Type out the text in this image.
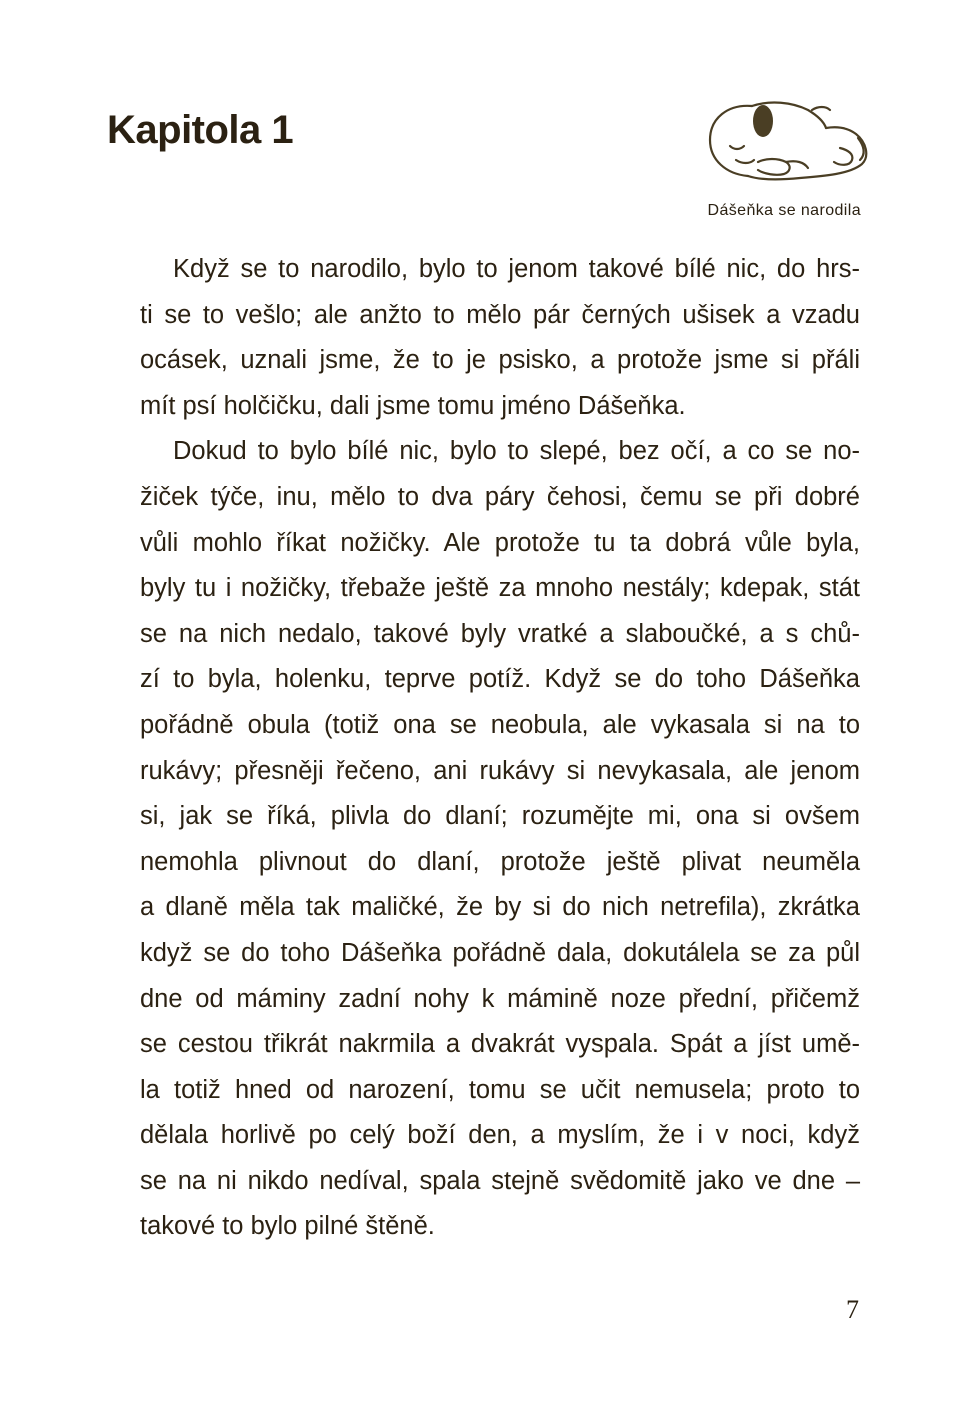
Kapitola 1
Dášeňka se narodila

Když se to narodilo, bylo to jenom takové bílé nic, do hrs-
ti se to vešlo; ale anžto to mělo pár černých ušisek a vzadu
ocásek, uznali jsme, že to je psisko, a protože jsme si přáli
mít psí holčičku, dali jsme tomu jméno Dášeňka.

Dokud to bylo bílé nic, bylo to slepé, bez očí, a co se no-
žiček týče, inu, mělo to dva páry čehosi, čemu se při dobré
vůli mohlo říkat nožičky. Ale protože tu ta dobrá vůle byla,
byly tu i nožičky, třebaže ještě za mnoho nestály; kdepak, stát
se na nich nedalo, takové byly vratké a slaboučké, a s chů-
zí to byla, holenku, teprve potíž. Když se do toho Dášeňka
pořádně obula (totiž ona se neobula, ale vykasala si na to
rukávy; přesněji řečeno, ani rukávy si nevykasala, ale jenom
si, jak se říká, plivla do dlaní; rozumějte mi, ona si ovšem
nemohla plivnout do dlaní, protože ještě plivat neuměla
a dlaně měla tak maličké, že by si do nich netrefila), zkrátka
když se do toho Dášeňka pořádně dala, dokutálela se za půl
dne od máminy zadní nohy k mámině noze přední, přičemž
se cestou třikrát nakrmila a dvakrát vyspala. Spát a jíst umě-
la totiž hned od narození, tomu se učit nemusela; proto to
dělala horlivě po celý boží den, a myslím, že i v noci, když
se na ni nikdo nedíval, spala stejně svědomitě jako ve dne –
takové to bylo pilné štěně.

7
